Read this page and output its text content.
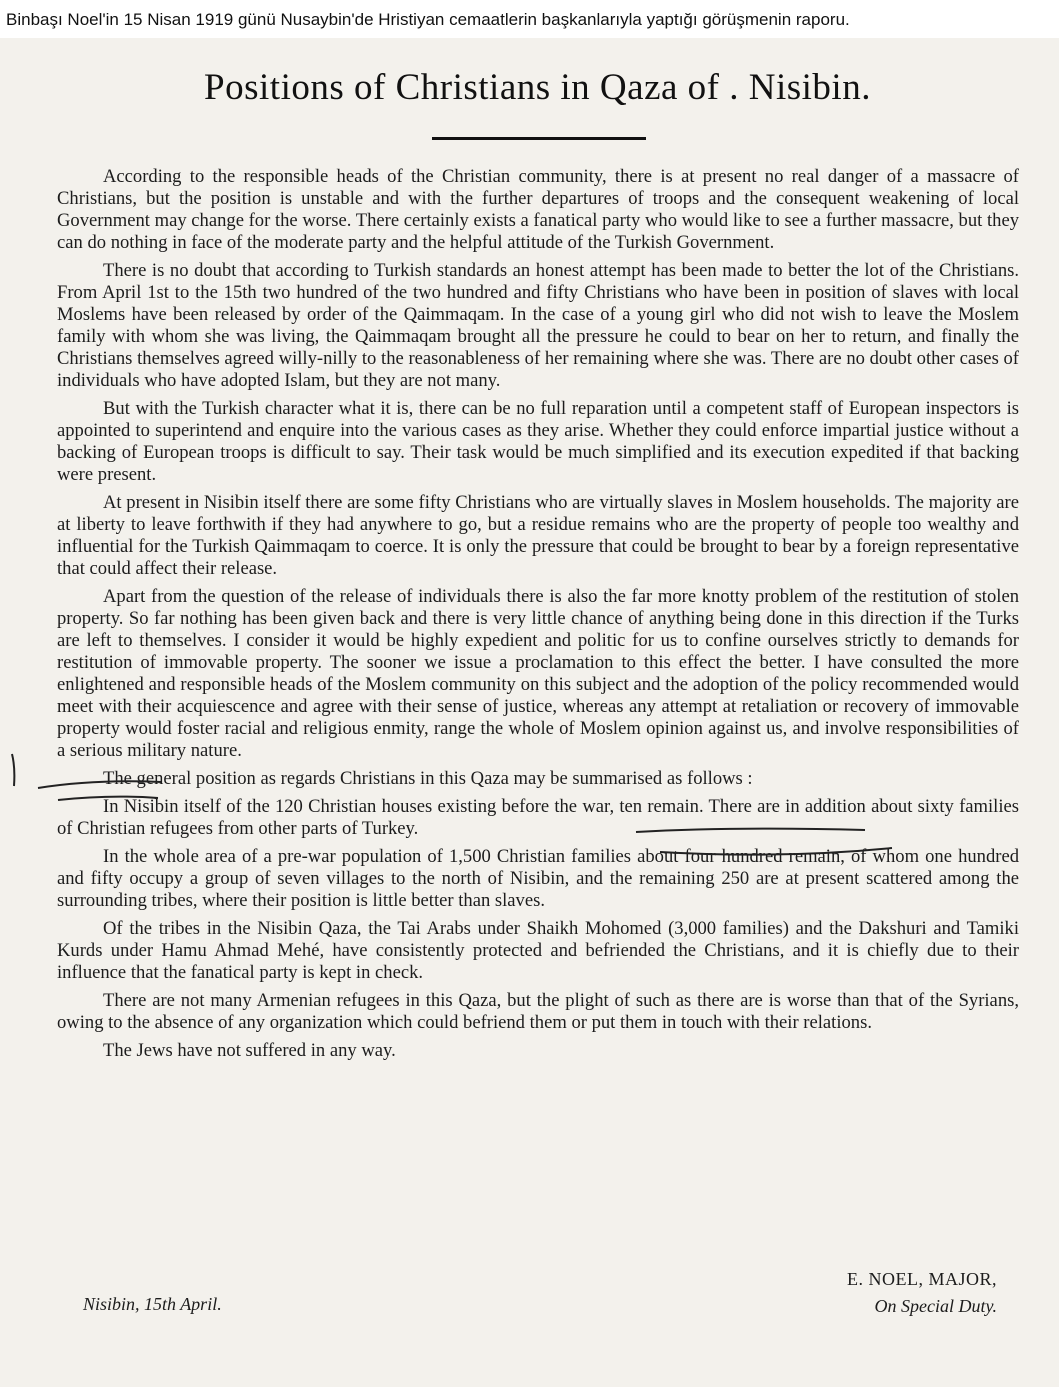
Binbaşı Noel'in 15 Nisan 1919 günü Nusaybin'de Hristiyan cemaatlerin başkanlarıyla yaptığı görüşmenin raporu.
Positions of Christians in Qaza of . Nisibin.

According to the responsible heads of the Christian community, there is at present no real danger of a massacre of Christians, but the position is unstable and with the further departures of troops and the consequent weakening of local Government may change for the worse. There certainly exists a fanatical party who would like to see a further massacre, but they can do nothing in face of the moderate party and the helpful attitude of the Turkish Government.

There is no doubt that according to Turkish standards an honest attempt has been made to better the lot of the Christians. From April 1st to the 15th two hundred of the two hundred and fifty Christians who have been in position of slaves with local Moslems have been released by order of the Qaimmaqam. In the case of a young girl who did not wish to leave the Moslem family with whom she was living, the Qaimmaqam brought all the pressure he could to bear on her to return, and finally the Christians themselves agreed willy-nilly to the reasonableness of her remaining where she was. There are no doubt other cases of individuals who have adopted Islam, but they are not many.

But with the Turkish character what it is, there can be no full reparation until a competent staff of European inspectors is appointed to superintend and enquire into the various cases as they arise. Whether they could enforce impartial justice without a backing of European troops is difficult to say. Their task would be much simplified and its execution expedited if that backing were present.

At present in Nisibin itself there are some fifty Christians who are virtually slaves in Moslem households. The majority are at liberty to leave forthwith if they had anywhere to go, but a residue remains who are the property of people too wealthy and influential for the Turkish Qaimmaqam to coerce. It is only the pressure that could be brought to bear by a foreign representative that could affect their release.

Apart from the question of the release of individuals there is also the far more knotty problem of the restitution of stolen property. So far nothing has been given back and there is very little chance of anything being done in this direction if the Turks are left to themselves. I consider it would be highly expedient and politic for us to confine ourselves strictly to demands for restitution of immovable property. The sooner we issue a proclamation to this effect the better. I have consulted the more enlightened and responsible heads of the Moslem community on this subject and the adoption of the policy recommended would meet with their acquiescence and agree with their sense of justice, whereas any attempt at retaliation or recovery of immovable property would foster racial and religious enmity, range the whole of Moslem opinion against us, and involve responsibilities of a serious military nature.

The general position as regards Christians in this Qaza may be summarised as follows :

In Nisibin itself of the 120 Christian houses existing before the war, ten remain. There are in addition about sixty families of Christian refugees from other parts of Turkey.

In the whole area of a pre-war population of 1,500 Christian families about four hundred remain, of whom one hundred and fifty occupy a group of seven villages to the north of Nisibin, and the remaining 250 are at present scattered among the surrounding tribes, where their position is little better than slaves.

Of the tribes in the Nisibin Qaza, the Tai Arabs under Shaikh Mohomed (3,000 families) and the Dakshuri and Tamiki Kurds under Hamu Ahmad Mehé, have consistently protected and befriended the Christians, and it is chiefly due to their influence that the fanatical party is kept in check.

There are not many Armenian refugees in this Qaza, but the plight of such as there are is worse than that of the Syrians, owing to the absence of any organization which could befriend them or put them in touch with their relations.

The Jews have not suffered in any way.

Nisibin, 15th April.
E. NOEL, MAJOR,
On Special Duty.
